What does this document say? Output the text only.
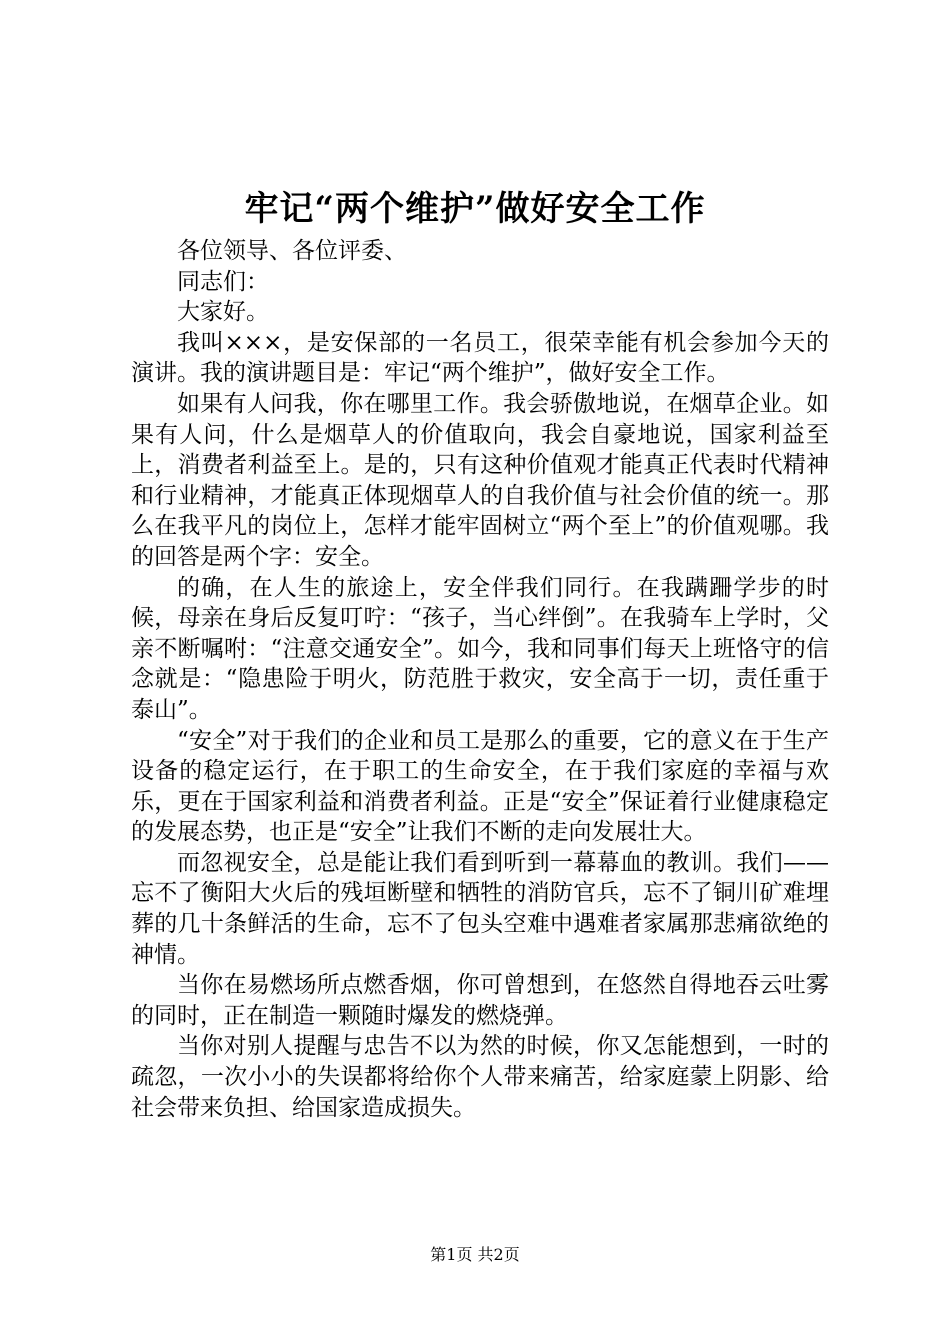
牢记“两个维护”做好安全工作

各位领导、各位评委、

同志们：

大家好。

我叫×××，是安保部的一名员工，很荣幸能有机会参加今天的演讲。我的演讲题目是：牢记“两个维护”，做好安全工作。

如果有人问我，你在哪里工作。我会骄傲地说，在烟草企业。如果有人问，什么是烟草人的价值取向，我会自豪地说，国家利益至上，消费者利益至上。是的，只有这种价值观才能真正代表时代精神和行业精神，才能真正体现烟草人的自我价值与社会价值的统一。那么在我平凡的岗位上，怎样才能牢固树立“两个至上”的价值观哪。我的回答是两个字：安全。

的确，在人生的旅途上，安全伴我们同行。在我蹒跚学步的时候，母亲在身后反复叮咛：“孩子，当心绊倒”。在我骑车上学时，父亲不断嘱咐：“注意交通安全”。如今，我和同事们每天上班恪守的信念就是：“隐患险于明火，防范胜于救灾，安全高于一切，责任重于泰山”。

“安全”对于我们的企业和员工是那么的重要，它的意义在于生产设备的稳定运行，在于职工的生命安全，在于我们家庭的幸福与欢乐，更在于国家利益和消费者利益。正是“安全”保证着行业健康稳定的发展态势，也正是“安全”让我们不断的走向发展壮大。

而忽视安全，总是能让我们看到听到一幕幕血的教训。我们——忘不了衡阳大火后的残垣断壁和牺牲的消防官兵，忘不了铜川矿难埋葬的几十条鲜活的生命，忘不了包头空难中遇难者家属那悲痛欲绝的神情。

当你在易燃场所点燃香烟，你可曾想到，在悠然自得地吞云吐雾的同时，正在制造一颗随时爆发的燃烧弹。

当你对别人提醒与忠告不以为然的时候，你又怎能想到，一时的疏忽，一次小小的失误都将给你个人带来痛苦，给家庭蒙上阴影、给社会带来负担、给国家造成损失。

第1页 共2页
